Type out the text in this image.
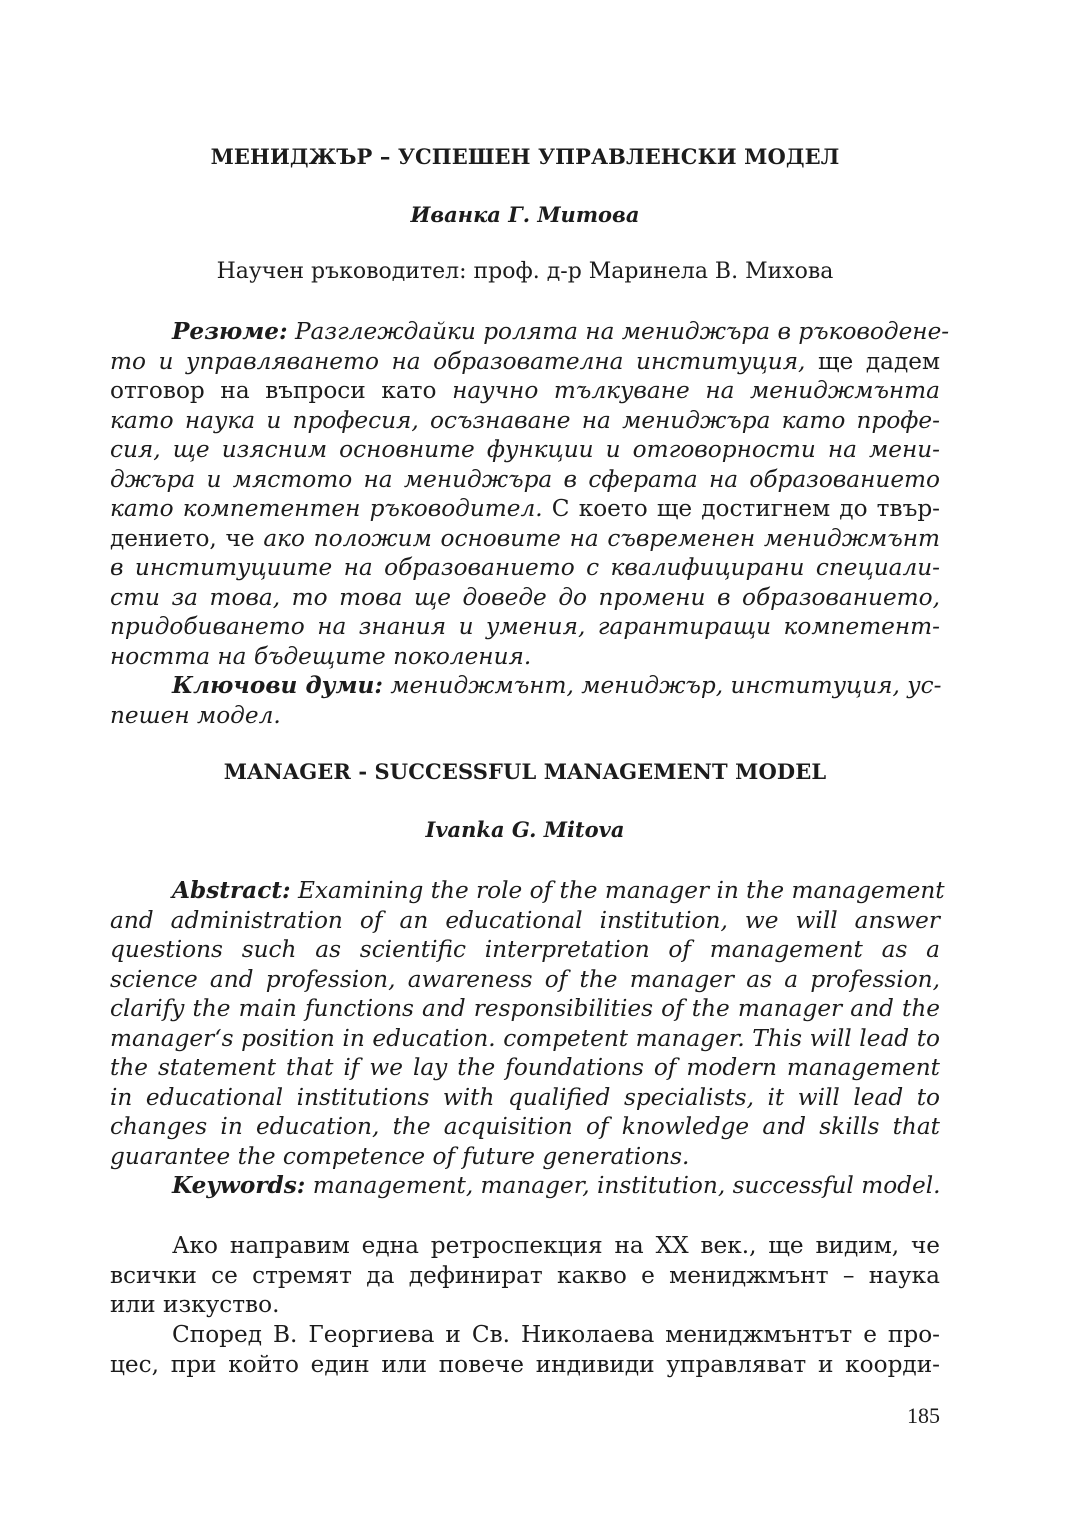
МЕНИДЖЪР – УСПЕШЕН УПРАВЛЕНСКИ МОДЕЛ
Иванка Г. Митова
Научен ръководител: проф. д-р Маринела В. Михова
Резюме: Разглеждайки ролята на мениджъра в ръководене-
то и управляването на образователна институция, ще дадем
отговор на въпроси като научно тълкуване на мениджмънта
като наука и професия, осъзнаване на мениджъра като профе-
сия, ще изясним основните функции и отговорности на мени-
джъра и мястото на мениджъра в сферата на образованието
като компетентен ръководител. С което ще достигнем до твър-
дението, че ако положим основите на съвременен мениджмънт
в институциите на образованието с квалифицирани специали-
сти за това, то това ще доведе до промени в образованието,
придобиването на знания и умения, гарантиращи компетент-
ността на бъдещите поколения.
Ключови думи: мениджмънт, мениджър, институция, ус-
пешен модел.
MANAGER - SUCCESSFUL MANAGEMENT MODEL
Ivanka G. Mitova
Abstract: Examining the role of the manager in the management
and administration of an educational institution, we will answer
questions such as scientific interpretation of management as a
science and profession, awareness of the manager as a profession,
clarify the main functions and responsibilities of the manager and the
manager‘s position in education. competent manager. This will lead to
the statement that if we lay the foundations of modern management
in educational institutions with qualified specialists, it will lead to
changes in education, the acquisition of knowledge and skills that
guarantee the competence of future generations.
Keywords: management, manager, institution, successful model.
Ако направим една ретроспекция на XX век., ще видим, че
всички се стремят да дефинират какво е мениджмънт – наука
или изкуство.
Според В. Георгиева и Св. Николаева мениджмънтът е про-
цес, при който един или повече индивиди управляват и коорди-
185
